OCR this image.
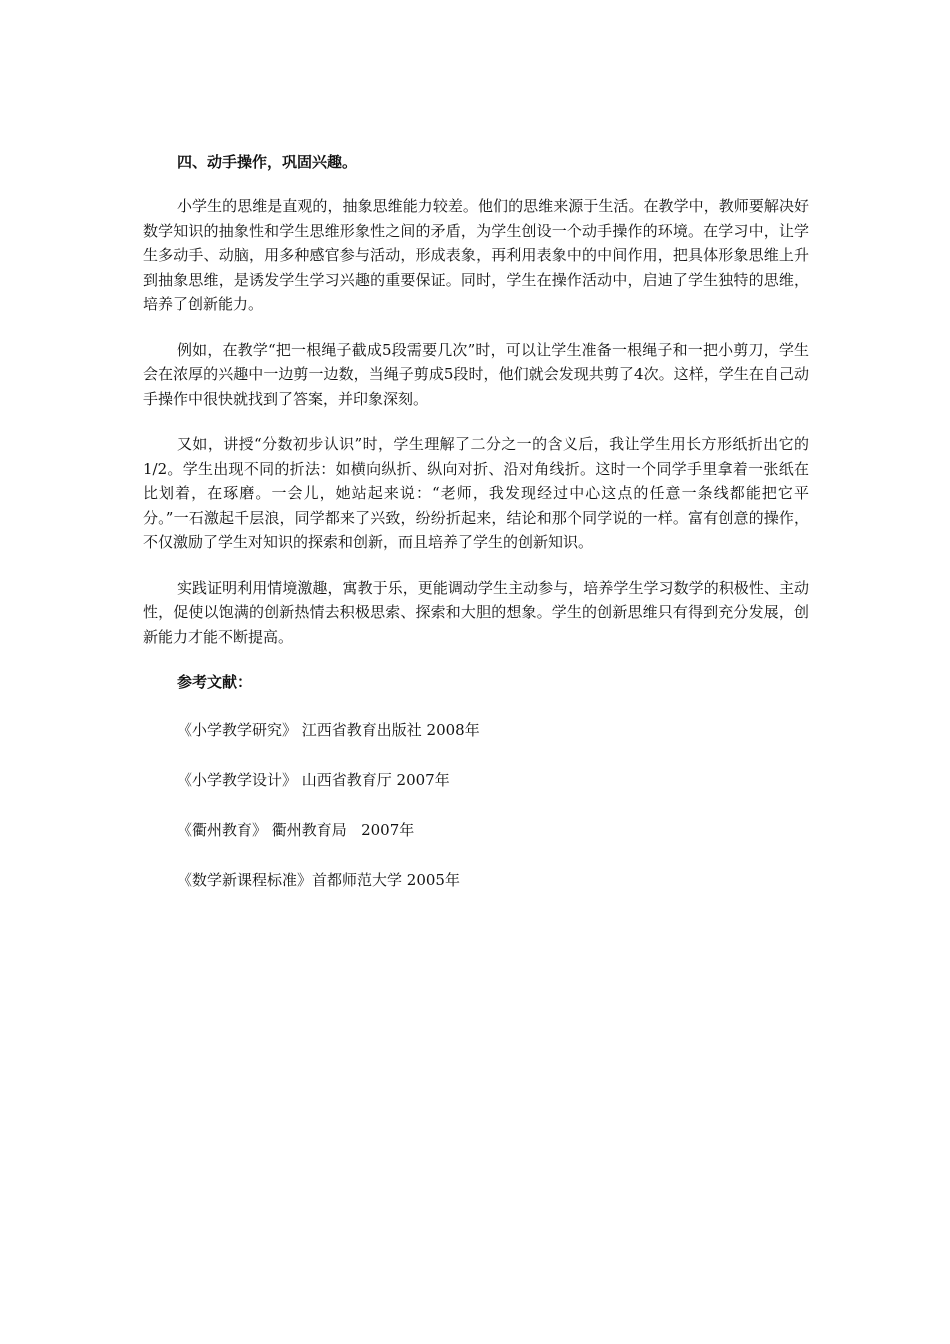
四、动手操作，巩固兴趣。

小学生的思维是直观的，抽象思维能力较差。他们的思维来源于生活。在教学中，教师要解决好数学知识的抽象性和学生思维形象性之间的矛盾，为学生创设一个动手操作的环境。在学习中，让学生多动手、动脑，用多种感官参与活动，形成表象，再利用表象中的中间作用，把具体形象思维上升到抽象思维，是诱发学生学习兴趣的重要保证。同时，学生在操作活动中，启迪了学生独特的思维，培养了创新能力。

例如，在教学“把一根绳子截成5段需要几次”时，可以让学生准备一根绳子和一把小剪刀，学生会在浓厚的兴趣中一边剪一边数，当绳子剪成5段时，他们就会发现共剪了4次。这样，学生在自己动手操作中很快就找到了答案，并印象深刻。

又如，讲授“分数初步认识”时，学生理解了二分之一的含义后，我让学生用长方形纸折出它的1/2。学生出现不同的折法：如横向纵折、纵向对折、沿对角线折。这时一个同学手里拿着一张纸在比划着，在琢磨。一会儿，她站起来说：“老师，我发现经过中心这点的任意一条线都能把它平分。”一石激起千层浪，同学都来了兴致，纷纷折起来，结论和那个同学说的一样。富有创意的操作，不仅激励了学生对知识的探索和创新，而且培养了学生的创新知识。

实践证明利用情境激趣，寓教于乐，更能调动学生主动参与，培养学生学习数学的积极性、主动性，促使以饱满的创新热情去积极思索、探索和大胆的想象。学生的创新思维只有得到充分发展，创新能力才能不断提高。

参考文献：
《小学教学研究》 江西省教育出版社 2008年
《小学教学设计》 山西省教育厅 2007年
《衢州教育》 衢州教育局   2007年
《数学新课程标准》首都师范大学 2005年
